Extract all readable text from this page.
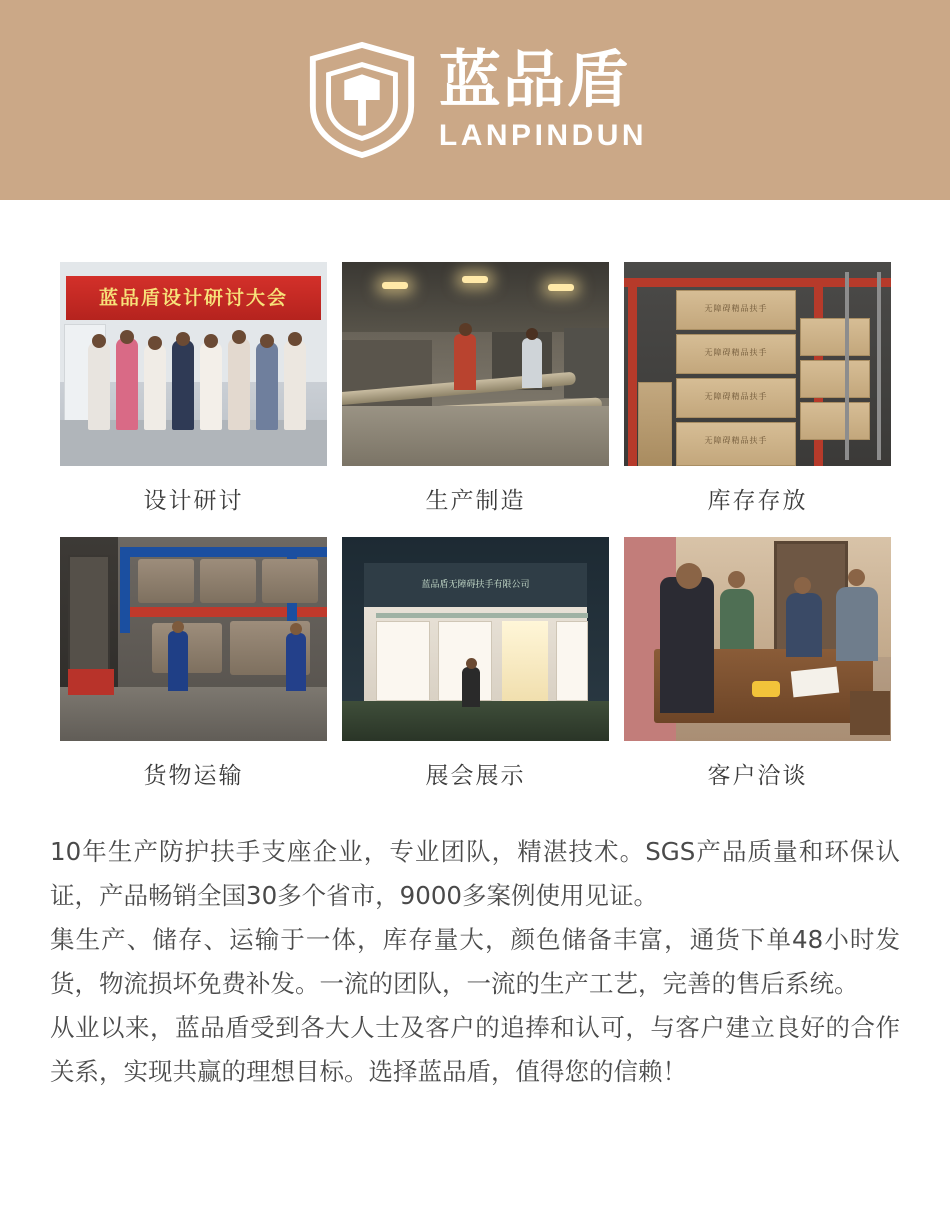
蓝品盾
LANPINDUN
蓝品盾设计研讨大会
设计研讨	生产制造
无障碍精品扶手
无障碍精品扶手
无障碍精品扶手
无障碍精品扶手
库存存放
货物运输
蓝品盾无障碍扶手有限公司
展会展示	客户洽谈

10年生产防护扶手支座企业，专业团队，精湛技术。SGS产品质量和环保认证，产品畅销全国30多个省市，9000多案例使用见证。

集生产、储存、运输于一体，库存量大，颜色储备丰富，通货下单48小时发货，物流损坏免费补发。一流的团队，一流的生产工艺，完善的售后系统。

从业以来，蓝品盾受到各大人士及客户的追捧和认可，与客户建立良好的合作关系，实现共赢的理想目标。选择蓝品盾，值得您的信赖！
